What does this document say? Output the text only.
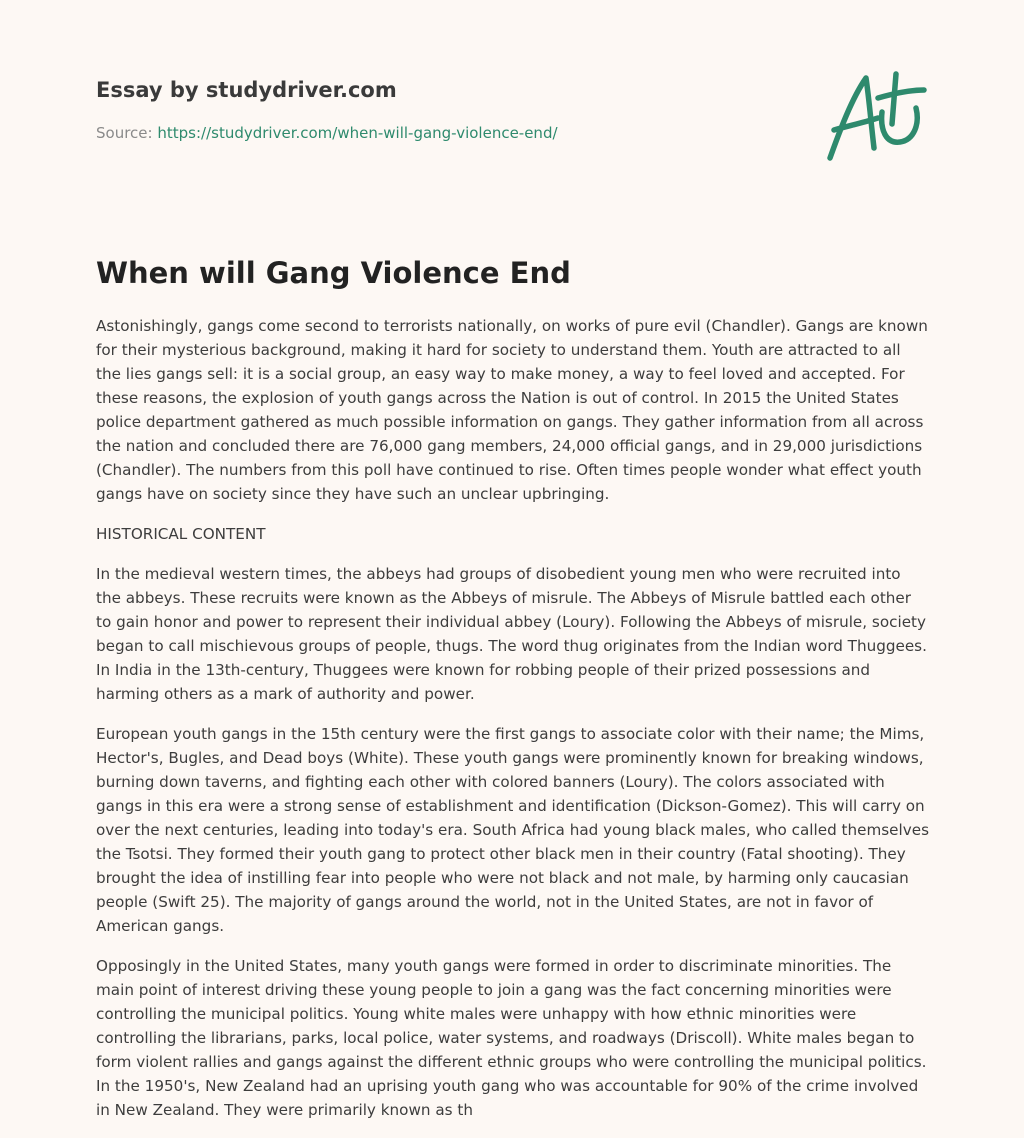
Essay by studydriver.com
Source: https://studydriver.com/when-will-gang-violence-end/
When will Gang Violence End

Astonishingly, gangs come second to terrorists nationally, on works of pure evil (Chandler). Gangs are known for their mysterious background, making it hard for society to understand them. Youth are attracted to all the lies gangs sell: it is a social group, an easy way to make money, a way to feel loved and accepted. For these reasons, the explosion of youth gangs across the Nation is out of control. In 2015 the United States police department gathered as much possible information on gangs. They gather information from all across the nation and concluded there are 76,000 gang members, 24,000 official gangs, and in 29,000 jurisdictions (Chandler). The numbers from this poll have continued to rise. Often times people wonder what effect youth gangs have on society since they have such an unclear upbringing.

HISTORICAL CONTENT

In the medieval western times, the abbeys had groups of disobedient young men who were recruited into the abbeys. These recruits were known as the Abbeys of misrule. The Abbeys of Misrule battled each other to gain honor and power to represent their individual abbey (Loury). Following the Abbeys of misrule, society began to call mischievous groups of people, thugs. The word thug originates from the Indian word Thuggees. In India in the 13th-century, Thuggees were known for robbing people of their prized possessions and harming others as a mark of authority and power.

European youth gangs in the 15th century were the first gangs to associate color with their name; the Mims, Hector's, Bugles, and Dead boys (White). These youth gangs were prominently known for breaking windows, burning down taverns, and fighting each other with colored banners (Loury). The colors associated with gangs in this era were a strong sense of establishment and identification (Dickson-Gomez). This will carry on over the next centuries, leading into today's era. South Africa had young black males, who called themselves the Tsotsi. They formed their youth gang to protect other black men in their country (Fatal shooting). They brought the idea of instilling fear into people who were not black and not male, by harming only caucasian people (Swift 25). The majority of gangs around the world, not in the United States, are not in favor of American gangs.

Opposingly in the United States, many youth gangs were formed in order to discriminate minorities. The main point of interest driving these young people to join a gang was the fact concerning minorities were controlling the municipal politics. Young white males were unhappy with how ethnic minorities were controlling the librarians, parks, local police, water systems, and roadways (Driscoll). White males began to form violent rallies and gangs against the different ethnic groups who were controlling the municipal politics.

In the 1950's, New Zealand had an uprising youth gang who was accountable for 90% of the crime involved in New Zealand. They were primarily known as th
